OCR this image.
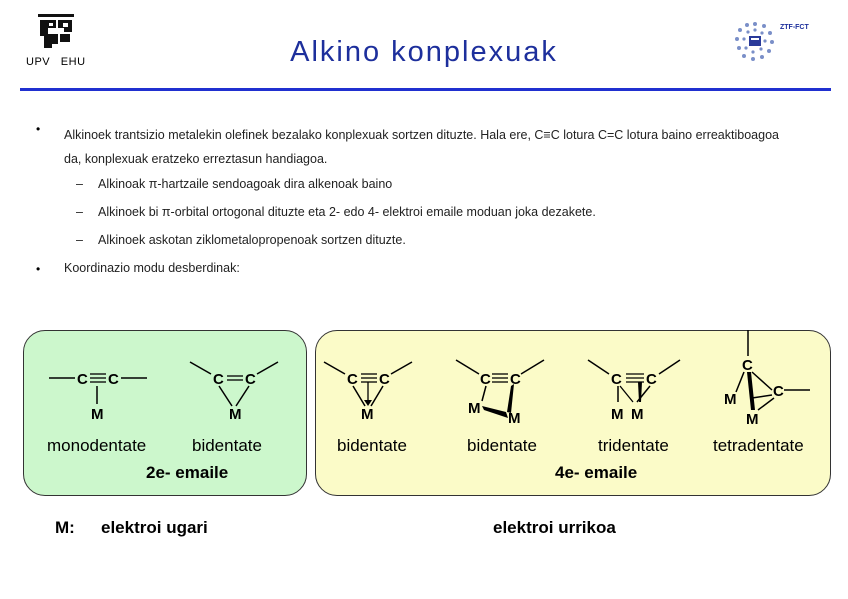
UPV   EHU	Alkino konplexuak
ZTF-FCT
• Alkinoek trantsizio metalekin olefinek bezalako konplexuak sortzen dituzte. Hala ere, C≡C lotura C=C lotura baino erreaktiboagoa da, konplexuak eratzeko erreztasun handiagoa.
– Alkinoak π-hartzaile sendoagoak dira alkenoak baino
– Alkinoek bi π-orbital ortogonal dituzte eta 2- edo 4- elektroi emaile moduan joka dezakete.
– Alkinoek askotan ziklometalopropenoak sortzen dituzte.
• Koordinazio modu desberdinak:
C C
M
C C
M
C C
M
C C
M
M
C C
M M
C
C
M
M
monodentate	bidentate	bidentate	bidentate	tridentate	tetradentate
2e- emaile	4e- emaile
M: elektroi ugari	elektroi urrikoa
